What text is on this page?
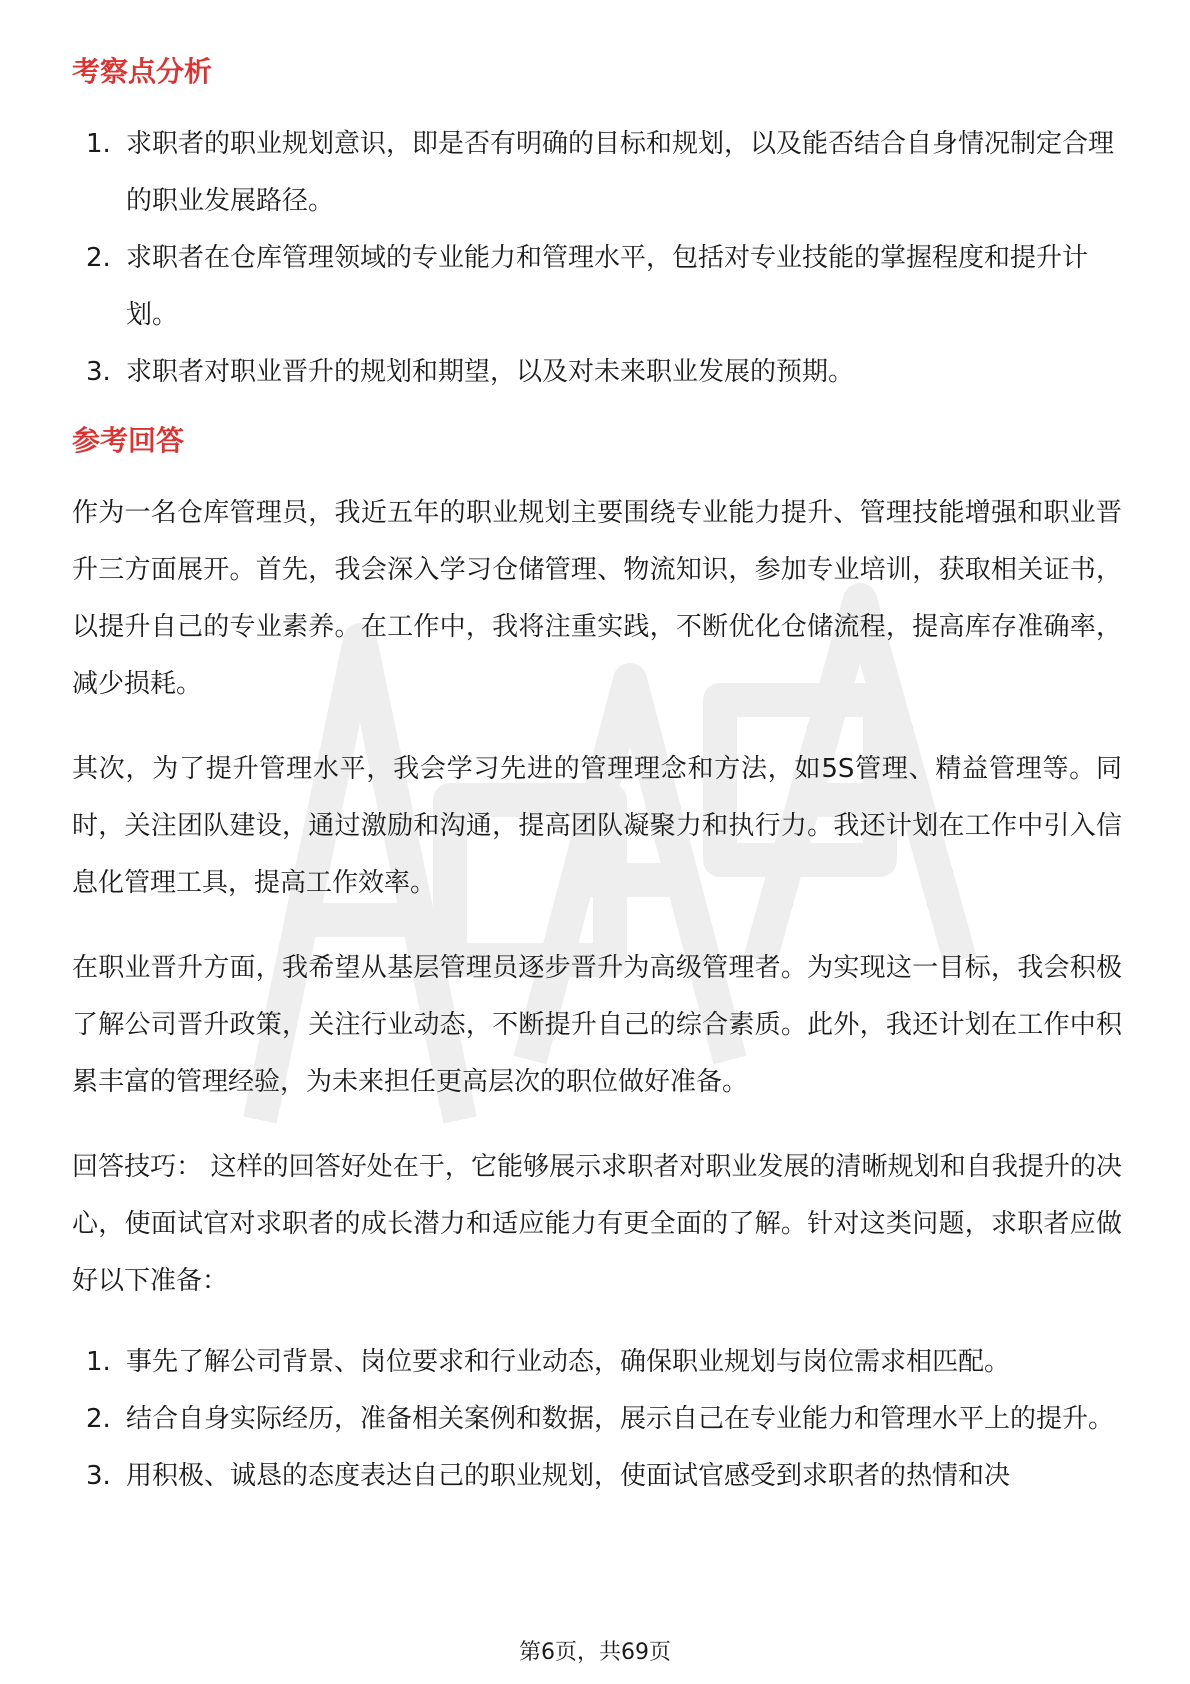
考察点分析
1. 求职者的职业规划意识，即是否有明确的目标和规划，以及能否结合自身情况制定合理的职业发展路径。
2. 求职者在仓库管理领域的专业能力和管理水平，包括对专业技能的掌握程度和提升计划。
3. 求职者对职业晋升的规划和期望，以及对未来职业发展的预期。
参考回答

作为一名仓库管理员，我近五年的职业规划主要围绕专业能力提升、管理技能增强和职业晋升三方面展开。首先，我会深入学习仓储管理、物流知识，参加专业培训，获取相关证书，以提升自己的专业素养。在工作中，我将注重实践，不断优化仓储流程，提高库存准确率，减少损耗。

其次，为了提升管理水平，我会学习先进的管理理念和方法，如5S管理、精益管理等。同时，关注团队建设，通过激励和沟通，提高团队凝聚力和执行力。我还计划在工作中引入信息化管理工具，提高工作效率。

在职业晋升方面，我希望从基层管理员逐步晋升为高级管理者。为实现这一目标，我会积极了解公司晋升政策，关注行业动态，不断提升自己的综合素质。此外，我还计划在工作中积累丰富的管理经验，为未来担任更高层次的职位做好准备。

回答技巧： 这样的回答好处在于，它能够展示求职者对职业发展的清晰规划和自我提升的决心，使面试官对求职者的成长潜力和适应能力有更全面的了解。针对这类问题，求职者应做好以下准备：

1. 事先了解公司背景、岗位要求和行业动态，确保职业规划与岗位需求相匹配。
2. 结合自身实际经历，准备相关案例和数据，展示自己在专业能力和管理水平上的提升。
3. 用积极、诚恳的态度表达自己的职业规划，使面试官感受到求职者的热情和决
第6页，共69页
